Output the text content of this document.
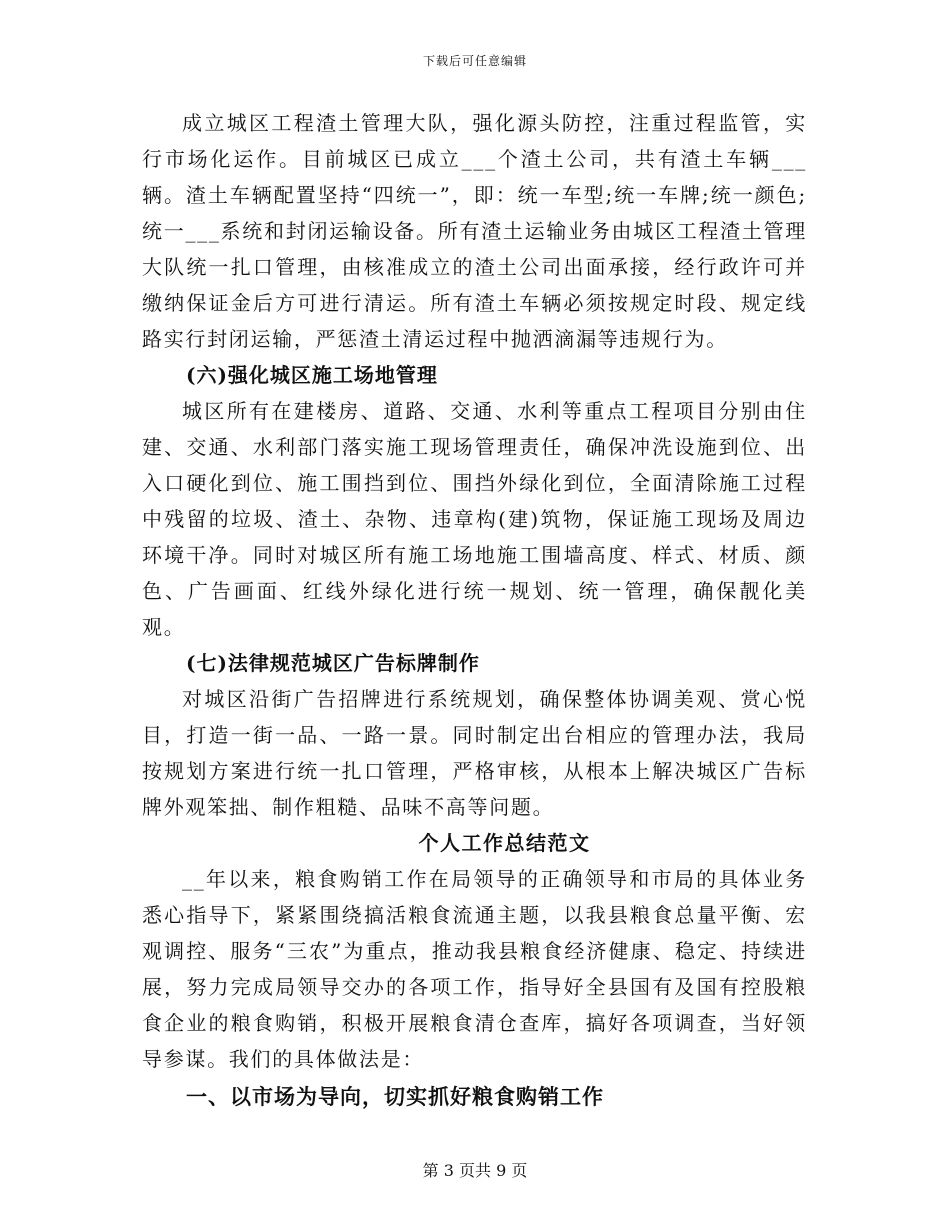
下载后可任意编辑

成立城区工程渣土管理大队，强化源头防控，注重过程监管，实行市场化运作。目前城区已成立___个渣土公司，共有渣土车辆___辆。渣土车辆配置坚持“四统一”，即：统一车型;统一车牌;统一颜色;统一___系统和封闭运输设备。所有渣土运输业务由城区工程渣土管理大队统一扎口管理，由核准成立的渣土公司出面承接，经行政许可并缴纳保证金后方可进行清运。所有渣土车辆必须按规定时段、规定线路实行封闭运输，严惩渣土清运过程中抛洒滴漏等违规行为。

(六)强化城区施工场地管理

城区所有在建楼房、道路、交通、水利等重点工程项目分别由住建、交通、水利部门落实施工现场管理责任，确保冲洗设施到位、出入口硬化到位、施工围挡到位、围挡外绿化到位，全面清除施工过程中残留的垃圾、渣土、杂物、违章构(建)筑物，保证施工现场及周边环境干净。同时对城区所有施工场地施工围墙高度、样式、材质、颜色、广告画面、红线外绿化进行统一规划、统一管理，确保靓化美观。

(七)法律规范城区广告标牌制作

对城区沿街广告招牌进行系统规划，确保整体协调美观、赏心悦目，打造一街一品、一路一景。同时制定出台相应的管理办法，我局按规划方案进行统一扎口管理，严格审核，从根本上解决城区广告标牌外观笨拙、制作粗糙、品味不高等问题。

个人工作总结范文

__年以来，粮食购销工作在局领导的正确领导和市局的具体业务悉心指导下，紧紧围绕搞活粮食流通主题，以我县粮食总量平衡、宏观调控、服务“三农”为重点，推动我县粮食经济健康、稳定、持续进展，努力完成局领导交办的各项工作，指导好全县国有及国有控股粮食企业的粮食购销，积极开展粮食清仓查库，搞好各项调查，当好领导参谋。我们的具体做法是：

一、以市场为导向，切实抓好粮食购销工作

第 3 页共 9 页
